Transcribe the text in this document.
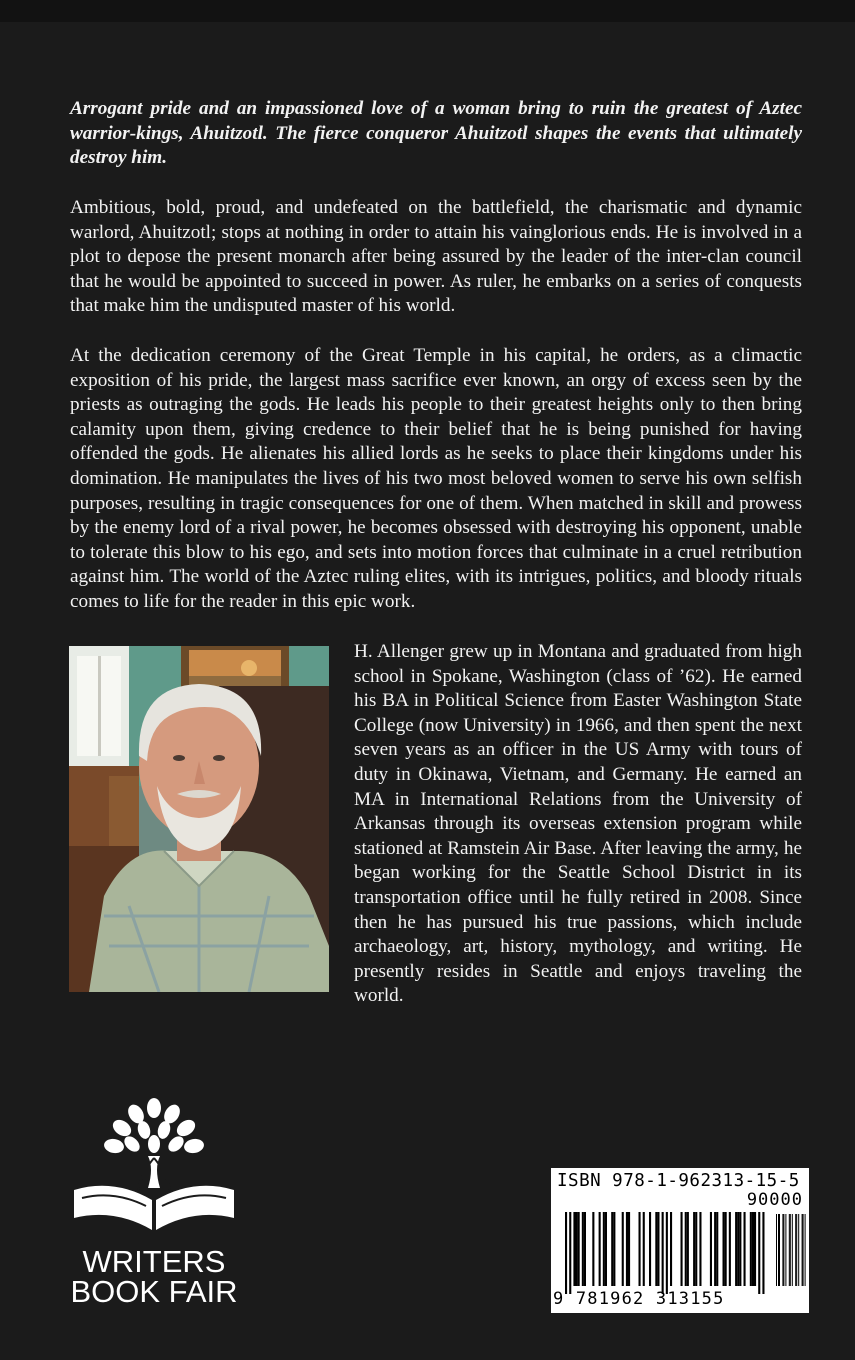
Arrogant pride and an impassioned love of a woman bring to ruin the greatest of Aztec warrior-kings, Ahuitzotl. The fierce conqueror Ahuitzotl shapes the events that ultimately destroy him.

Ambitious, bold, proud, and undefeated on the battlefield, the charismatic and dynamic warlord, Ahuitzotl; stops at nothing in order to attain his vainglorious ends. He is involved in a plot to depose the present monarch after being assured by the leader of the inter-clan council that he would be appointed to succeed in power. As ruler, he embarks on a series of conquests that make him the undisputed master of his world.

At the dedication ceremony of the Great Temple in his capital, he orders, as a climactic exposition of his pride, the largest mass sacrifice ever known, an orgy of excess seen by the priests as outraging the gods. He leads his people to their greatest heights only to then bring calamity upon them, giving credence to their belief that he is being punished for having offended the gods. He alienates his allied lords as he seeks to place their kingdoms under his domination. He manipulates the lives of his two most beloved women to serve his own selfish purposes, resulting in tragic consequences for one of them. When matched in skill and prowess by the enemy lord of a rival power, he becomes obsessed with destroying his opponent, unable to tolerate this blow to his ego, and sets into motion forces that culminate in a cruel retribution against him. The world of the Aztec ruling elites, with its intrigues, politics, and bloody rituals comes to life for the reader in this epic work.

H. Allenger grew up in Montana and graduated from high school in Spokane, Washington (class of ’62). He earned his BA in Political Science from Easter Washington State College (now University) in 1966, and then spent the next seven years as an officer in the US Army with tours of duty in Okinawa, Vietnam, and Germany. He earned an MA in International Relations from the University of Arkansas through its overseas extension program while stationed at Ramstein Air Base. After leaving the army, he began working for the Seattle School District in its transportation office until he fully retired in 2008. Since then he has pursued his true passions, which include archaeology, art, history, mythology, and writing. He presently resides in Seattle and enjoys traveling the world.
WRITERS
BOOK FAIR
ISBN 978-1-962313-15-5
90000
9 781962 313155
